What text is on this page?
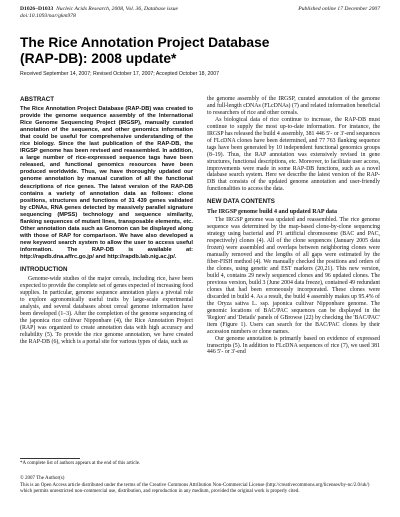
D1026–D1033 Nucleic Acids Research, 2008, Vol. 36, Database issue	Published online 17 December 2007
doi:10.1093/nar/gkm978
The Rice Annotation Project Database
(RAP-DB): 2008 update*
Received September 14, 2007; Revised October 17, 2007; Accepted October 18, 2007
ABSTRACT
The Rice Annotation Project Database (RAP-DB) was created to provide the genome sequence assembly of the International Rice Genome Sequencing Project (IRGSP), manually curated annotation of the sequence, and other genomics information that could be useful for comprehensive understanding of the rice biology. Since the last publication of the RAP-DB, the IRGSP genome has been revised and reassembled. In addition, a large number of rice-expressed sequence tags have been released, and functional genomics resources have been produced worldwide. Thus, we have thoroughly updated our genome annotation by manual curation of all the functional descriptions of rice genes. The latest version of the RAP-DB contains a variety of annotation data as follows: clone positions, structures and functions of 31 439 genes validated by cDNAs, RNA genes detected by massively parallel signature sequencing (MPSS) technology and sequence similarity, flanking sequences of mutant lines, transposable elements, etc. Other annotation data such as Gnomon can be displayed along with those of RAP for comparison. We have also developed a new keyword search system to allow the user to access useful information. The RAP-DB is available at: http://rapdb.dna.affrc.go.jp/ and http://rapdb.lab.nig.ac.jp/.
INTRODUCTION
Genome-wide studies of the major cereals, including rice, have been expected to provide the complete set of genes expected of increasing food supplies. In particular, genome sequence annotation plays a pivotal role to explore agronomically useful traits by large-scale experimental analysis, and several databases about cereal genome information have been developed (1–3). After the completion of the genome sequencing of the japonica rice cultivar Nipponbare (4), the Rice Annotation Project (RAP) was organized to create annotation data with high accuracy and reliability (5). To provide the rice genome annotation, we have created the RAP-DB (6), which is a portal site for various types of data, such as
the genome assembly of the IRGSP, curated annotation of the genome and full-length cDNAs (FLcDNAs) (7) and related information beneficial to researchers of rice and other cereals.
As biological data of rice continue to increase, the RAP-DB must continue to supply the most up-to-date information. For instance, the IRGSP has released the build 4 assembly, 381 446 5′- or 3′-end sequences of FLcDNA clones have been determined, and 77 763 flanking sequence tags have been generated by 10 independent functional genomics groups (8–19). Thus, the RAP annotation was extensively revised in gene structures, functional descriptions, etc. Moreover, to facilitate user access, improvements were made in some RAP-DB functions, such as a novel database search system. Here we describe the latest version of the RAP-DB that consists of the updated genome annotation and user-friendly functionalities to access the data.
NEW DATA CONTENTS
The IRGSP genome build 4 and updated RAP data
The IRGSP genome was updated and reassembled. The rice genome sequence was determined by the map-based clone-by-clone sequencing strategy using bacterial and P1 artificial chromosome (BAC and PAC, respectively) clones (4). All of the clone sequences (January 2005 data frozen) were assembled and overlaps between neighboring clones were manually removed and the lengths of all gaps were estimated by the fiber-FISH method (4). We manually checked the positions and orders of the clones, using genetic and EST markers (20,21). This new version, build 4, contains 29 newly sequenced clones and 96 updated clones. The previous version, build 3 (June 2004 data freeze), contained 49 redundant clones that had been erroneously incorporated. These clones were discarded in build 4. As a result, the build 4 assembly makes up 95.4% of the Oryza sativa L. ssp. japonica cultivar Nipponbare genome. The genomic locations of BAC/PAC sequences can be displayed in the 'Region' and 'Details' panels of GBrowse (22) by checking the 'BAC/PAC' item (Figure 1). Users can search for the BAC/PAC clones by their accession numbers or clone names.
Our genome annotation is primarily based on evidence of expressed transcripts (5). In addition to FLcDNA sequences of rice (7), we used 381 446 5′- or 3′-end
*A complete list of authors appears at the end of this article.
© 2007 The Author(s)
This is an Open Access article distributed under the terms of the Creative Commons Attribution Non-Commercial License (http://creativecommons.org/licenses/by-nc/2.0/uk/) which permits unrestricted non-commercial use, distribution, and reproduction in any medium, provided the original work is properly cited.
